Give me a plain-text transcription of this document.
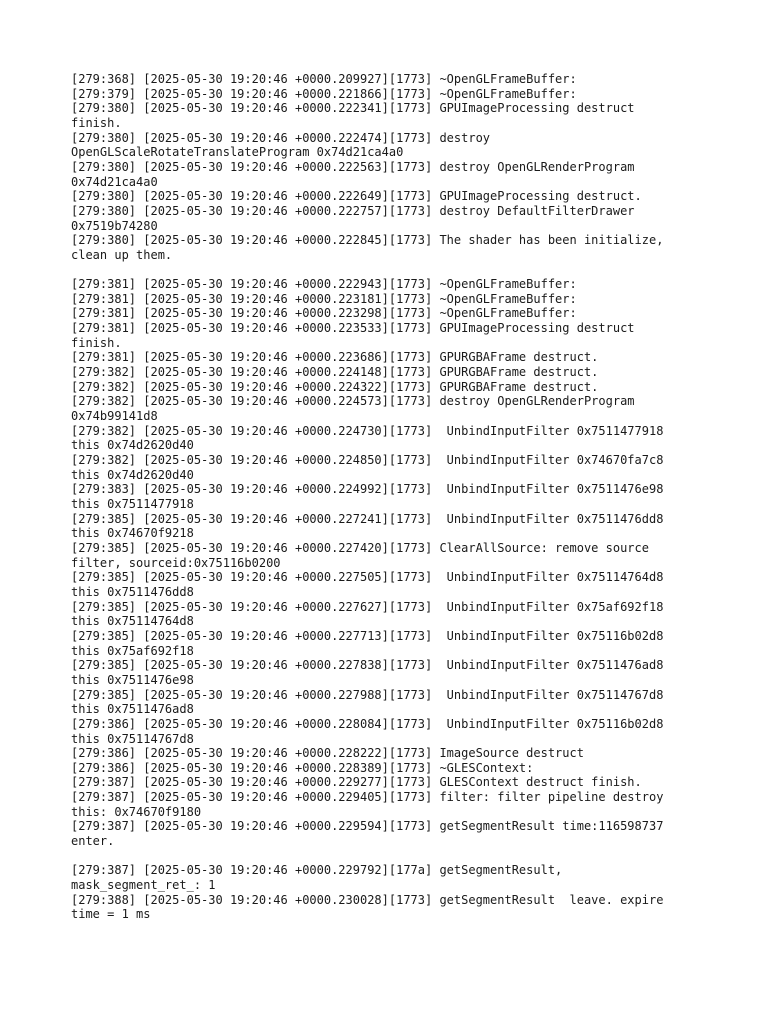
[279:368] [2025-05-30 19:20:46 +0000.209927][1773] ~OpenGLFrameBuffer:
[279:379] [2025-05-30 19:20:46 +0000.221866][1773] ~OpenGLFrameBuffer:
[279:380] [2025-05-30 19:20:46 +0000.222341][1773] GPUImageProcessing destruct
finish.
[279:380] [2025-05-30 19:20:46 +0000.222474][1773] destroy
OpenGLScaleRotateTranslateProgram 0x74d21ca4a0
[279:380] [2025-05-30 19:20:46 +0000.222563][1773] destroy OpenGLRenderProgram
0x74d21ca4a0
[279:380] [2025-05-30 19:20:46 +0000.222649][1773] GPUImageProcessing destruct.
[279:380] [2025-05-30 19:20:46 +0000.222757][1773] destroy DefaultFilterDrawer
0x7519b74280
[279:380] [2025-05-30 19:20:46 +0000.222845][1773] The shader has been initialize,
clean up them.
[279:381] [2025-05-30 19:20:46 +0000.222943][1773] ~OpenGLFrameBuffer:
[279:381] [2025-05-30 19:20:46 +0000.223181][1773] ~OpenGLFrameBuffer:
[279:381] [2025-05-30 19:20:46 +0000.223298][1773] ~OpenGLFrameBuffer:
[279:381] [2025-05-30 19:20:46 +0000.223533][1773] GPUImageProcessing destruct
finish.
[279:381] [2025-05-30 19:20:46 +0000.223686][1773] GPURGBAFrame destruct.
[279:382] [2025-05-30 19:20:46 +0000.224148][1773] GPURGBAFrame destruct.
[279:382] [2025-05-30 19:20:46 +0000.224322][1773] GPURGBAFrame destruct.
[279:382] [2025-05-30 19:20:46 +0000.224573][1773] destroy OpenGLRenderProgram
0x74b99141d8
[279:382] [2025-05-30 19:20:46 +0000.224730][1773]  UnbindInputFilter 0x7511477918
this 0x74d2620d40
[279:382] [2025-05-30 19:20:46 +0000.224850][1773]  UnbindInputFilter 0x74670fa7c8
this 0x74d2620d40
[279:383] [2025-05-30 19:20:46 +0000.224992][1773]  UnbindInputFilter 0x7511476e98
this 0x7511477918
[279:385] [2025-05-30 19:20:46 +0000.227241][1773]  UnbindInputFilter 0x7511476dd8
this 0x74670f9218
[279:385] [2025-05-30 19:20:46 +0000.227420][1773] ClearAllSource: remove source
filter, sourceid:0x75116b0200
[279:385] [2025-05-30 19:20:46 +0000.227505][1773]  UnbindInputFilter 0x75114764d8
this 0x7511476dd8
[279:385] [2025-05-30 19:20:46 +0000.227627][1773]  UnbindInputFilter 0x75af692f18
this 0x75114764d8
[279:385] [2025-05-30 19:20:46 +0000.227713][1773]  UnbindInputFilter 0x75116b02d8
this 0x75af692f18
[279:385] [2025-05-30 19:20:46 +0000.227838][1773]  UnbindInputFilter 0x7511476ad8
this 0x7511476e98
[279:385] [2025-05-30 19:20:46 +0000.227988][1773]  UnbindInputFilter 0x75114767d8
this 0x7511476ad8
[279:386] [2025-05-30 19:20:46 +0000.228084][1773]  UnbindInputFilter 0x75116b02d8
this 0x75114767d8
[279:386] [2025-05-30 19:20:46 +0000.228222][1773] ImageSource destruct
[279:386] [2025-05-30 19:20:46 +0000.228389][1773] ~GLESContext:
[279:387] [2025-05-30 19:20:46 +0000.229277][1773] GLESContext destruct finish.
[279:387] [2025-05-30 19:20:46 +0000.229405][1773] filter: filter pipeline destroy
this: 0x74670f9180
[279:387] [2025-05-30 19:20:46 +0000.229594][1773] getSegmentResult time:116598737
enter.
[279:387] [2025-05-30 19:20:46 +0000.229792][177a] getSegmentResult,
mask_segment_ret_: 1
[279:388] [2025-05-30 19:20:46 +0000.230028][1773] getSegmentResult  leave. expire
time = 1 ms
